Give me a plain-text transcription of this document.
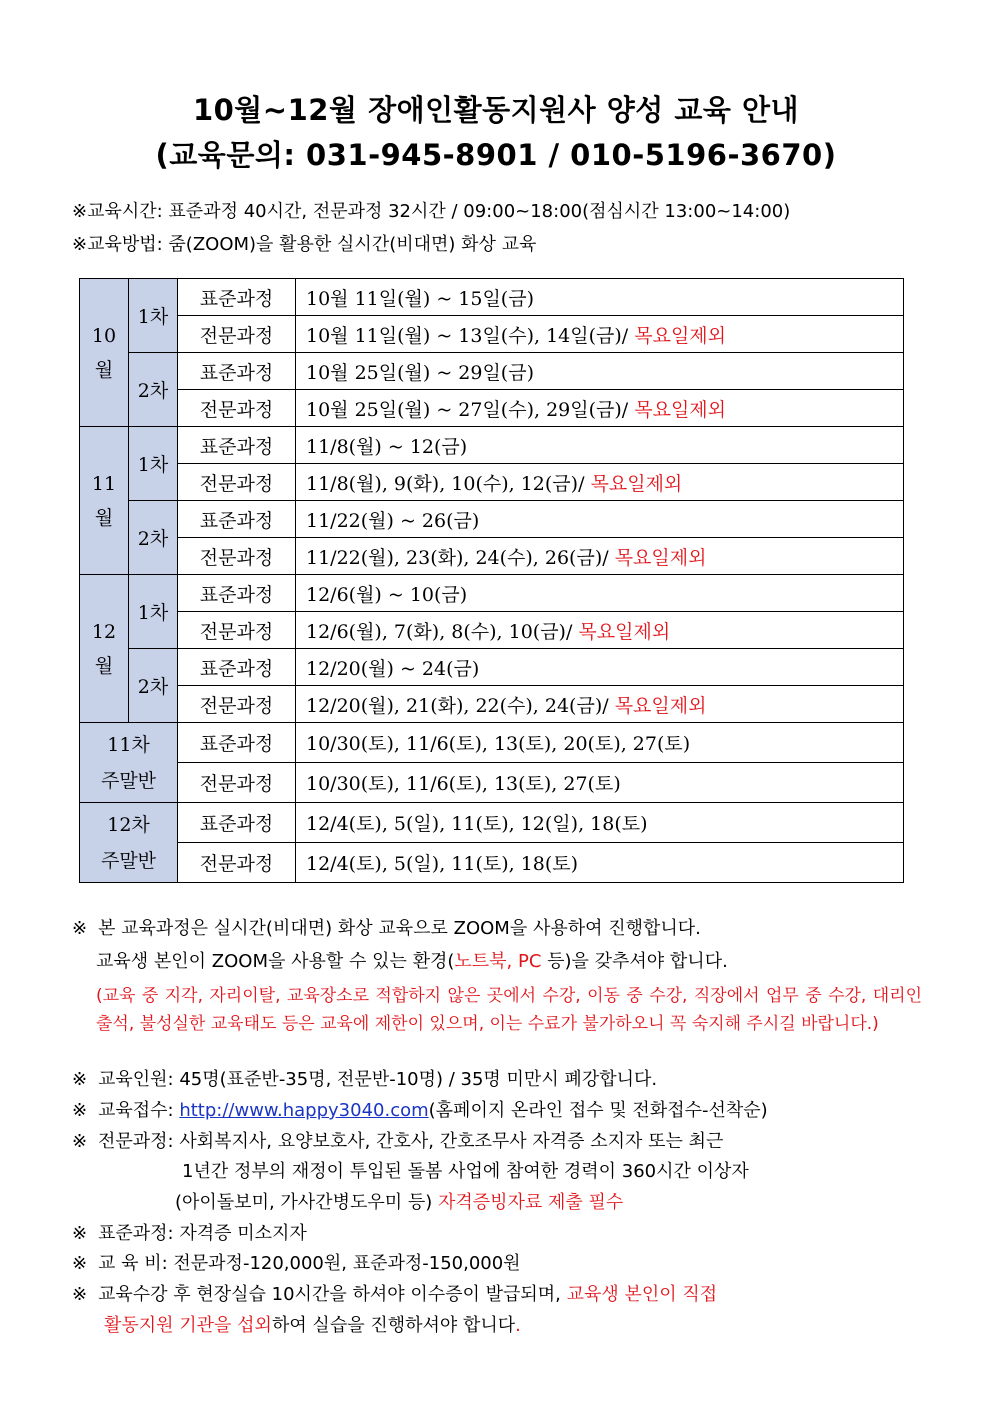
10월~12월 장애인활동지원사 양성 교육 안내
(교육문의: 031-945-8901 / 010-5196-3670)
※교육시간: 표준과정 40시간, 전문과정 32시간 / 09:00~18:00(점심시간 13:00~14:00)
※교육방법: 줌(ZOOM)을 활용한 실시간(비대면) 화상 교육
10
월	1차	표준과정	10월 11일(월) ~ 15일(금)
		전문과정	10월 11일(월) ~ 13일(수), 14일(금)/ 목요일제외
	2차	표준과정	10월 25일(월) ~ 29일(금)
		전문과정	10월 25일(월) ~ 27일(수), 29일(금)/ 목요일제외
11
월	1차	표준과정	11/8(월) ~ 12(금)
		전문과정	11/8(월), 9(화), 10(수), 12(금)/ 목요일제외
	2차	표준과정	11/22(월) ~ 26(금)
		전문과정	11/22(월), 23(화), 24(수), 26(금)/ 목요일제외
12
월	1차	표준과정	12/6(월) ~ 10(금)
		전문과정	12/6(월), 7(화), 8(수), 10(금)/ 목요일제외
	2차	표준과정	12/20(월) ~ 24(금)
		전문과정	12/20(월), 21(화), 22(수), 24(금)/ 목요일제외
11차
주말반		표준과정	10/30(토), 11/6(토), 13(토), 20(토), 27(토)
		전문과정	10/30(토), 11/6(토), 13(토), 27(토)
12차
주말반		표준과정	12/4(토), 5(일), 11(토), 12(일), 18(토)
		전문과정	12/4(토), 5(일), 11(토), 18(토)
※ 본 교육과정은 실시간(비대면) 화상 교육으로 ZOOM을 사용하여 진행합니다.
교육생 본인이 ZOOM을 사용할 수 있는 환경(노트북, PC 등)을 갖추셔야 합니다.
(교육 중 지각, 자리이탈, 교육장소로 적합하지 않은 곳에서 수강, 이동 중 수강, 직장에서 업무 중 수강, 대리인 출석, 불성실한 교육태도 등은 교육에 제한이 있으며, 이는 수료가 불가하오니 꼭 숙지해 주시길 바랍니다.)
※ 교육인원: 45명(표준반-35명, 전문반-10명) / 35명 미만시 폐강합니다.
※ 교육접수: http://www.happy3040.com(홈페이지 온라인 접수 및 전화접수-선착순)
※ 전문과정: 사회복지사, 요양보호사, 간호사, 간호조무사 자격증 소지자 또는 최근
1년간 정부의 재정이 투입된 돌봄 사업에 참여한 경력이 360시간 이상자
(아이돌보미, 가사간병도우미 등) 자격증빙자료 제출 필수
※ 표준과정: 자격증 미소지자
※ 교 육 비: 전문과정-120,000원, 표준과정-150,000원
※ 교육수강 후 현장실습 10시간을 하셔야 이수증이 발급되며, 교육생 본인이 직접
활동지원 기관을 섭외하여 실습을 진행하셔야 합니다.
